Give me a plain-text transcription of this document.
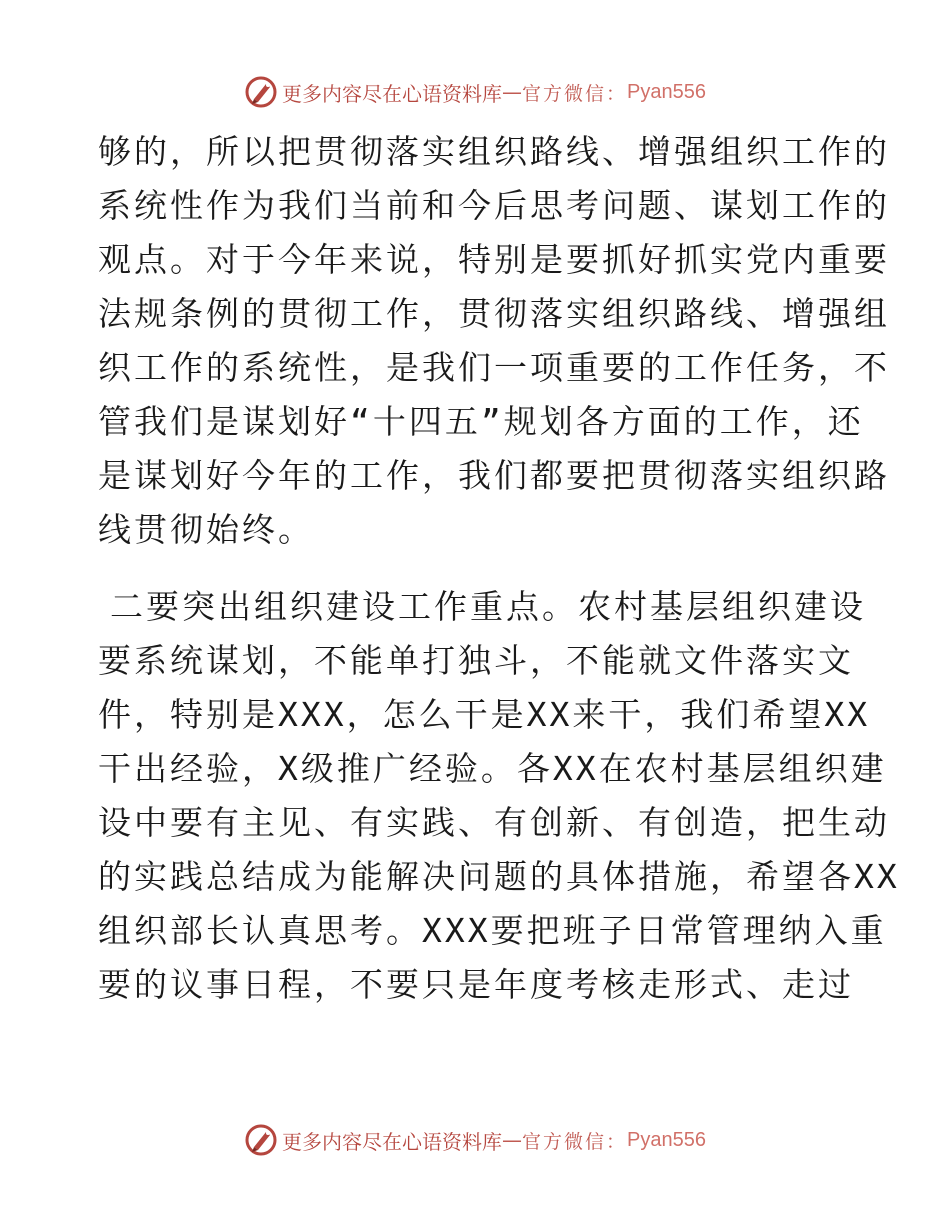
更多内容尽在心语资料库 — 官方微信： Pyan556
够的，所以把贯彻落实组织路线、增强组织工作的
系统性作为我们当前和今后思考问题、谋划工作的
观点。对于今年来说，特别是要抓好抓实党内重要
法规条例的贯彻工作，贯彻落实组织路线、增强组
织工作的系统性，是我们一项重要的工作任务，不
管我们是谋划好“十四五”规划各方面的工作，还
是谋划好今年的工作，我们都要把贯彻落实组织路
线贯彻始终。
二要突出组织建设工作重点。农村基层组织建设
要系统谋划，不能单打独斗，不能就文件落实文
件，特别是XXX，怎么干是XX来干，我们希望XX
干出经验，X级推广经验。各XX在农村基层组织建
设中要有主见、有实践、有创新、有创造，把生动
的实践总结成为能解决问题的具体措施，希望各XX
组织部长认真思考。XXX要把班子日常管理纳入重
要的议事日程，不要只是年度考核走形式、走过
更多内容尽在心语资料库 — 官方微信： Pyan556
